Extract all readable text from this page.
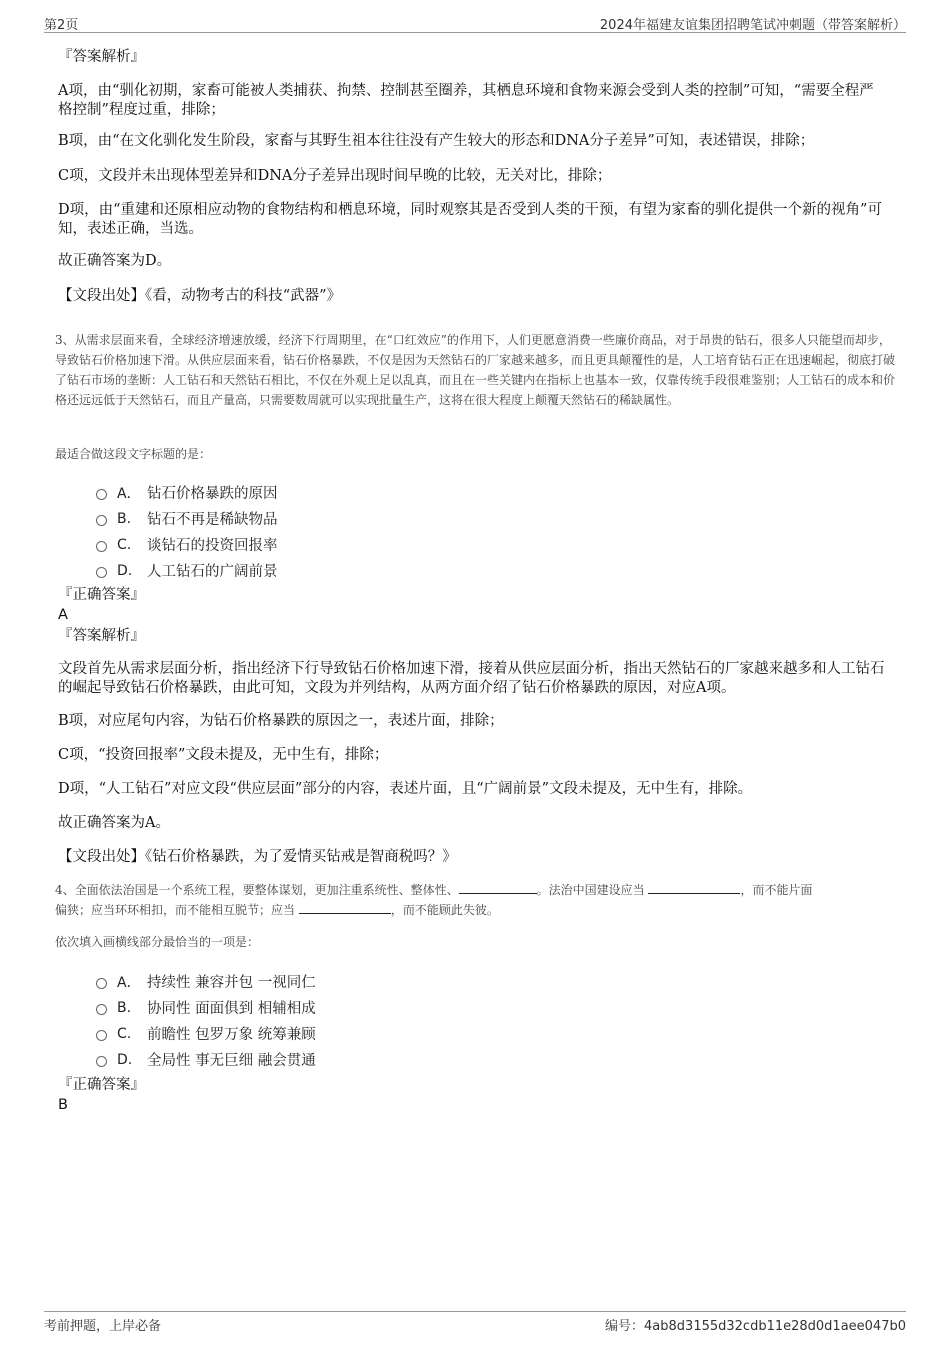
第2页	2024年福建友谊集团招聘笔试冲刺题（带答案解析）
『答案解析』
A项，由“驯化初期，家畜可能被人类捕获、拘禁、控制甚至圈养，其栖息环境和食物来源会受到人类的控制”可知，“需要全程严格控制”程度过重，排除；
B项，由“在文化驯化发生阶段，家畜与其野生祖本往往没有产生较大的形态和DNA分子差异”可知，表述错误，排除；
C项，文段并未出现体型差异和DNA分子差异出现时间早晚的比较，无关对比，排除；
D项，由“重建和还原相应动物的食物结构和栖息环境，同时观察其是否受到人类的干预，有望为家畜的驯化提供一个新的视角”可知，表述正确，当选。
故正确答案为D。
【文段出处】《看，动物考古的科技“武器”》
3、从需求层面来看，全球经济增速放缓，经济下行周期里，在“口红效应”的作用下，人们更愿意消费一些廉价商品，对于昂贵的钻石，很多人只能望而却步，导致钻石价格加速下滑。从供应层面来看，钻石价格暴跌，不仅是因为天然钻石的厂家越来越多，而且更具颠覆性的是，人工培育钻石正在迅速崛起，彻底打破了钻石市场的垄断：人工钻石和天然钻石相比，不仅在外观上足以乱真，而且在一些关键内在指标上也基本一致，仅靠传统手段很难鉴别；人工钻石的成本和价格还远远低于天然钻石，而且产量高，只需要数周就可以实现批量生产，这将在很大程度上颠覆天然钻石的稀缺属性。
最适合做这段文字标题的是：
A． 钻石价格暴跌的原因
B.	钻石不再是稀缺物品
C.	谈钻石的投资回报率
D.	人工钻石的广阔前景
『正确答案』
A
『答案解析』
文段首先从需求层面分析，指出经济下行导致钻石价格加速下滑，接着从供应层面分析，指出天然钻石的厂家越来越多和人工钻石的崛起导致钻石价格暴跌，由此可知，文段为并列结构，从两方面介绍了钻石价格暴跌的原因，对应A项。
B项，对应尾句内容，为钻石价格暴跌的原因之一，表述片面，排除；
C项，“投资回报率”文段未提及，无中生有，排除；
D项，“人工钻石”对应文段“供应层面”部分的内容，表述片面，且“广阔前景”文段未提及，无中生有，排除。
故正确答案为A。
【文段出处】《钻石价格暴跌，为了爱情买钻戒是智商税吗？》
4、全面依法治国是一个系统工程，要整体谋划，更加注重系统性、整体性、	。法治中国建设应当	，而不能片面
偏狭；应当环环相扣，而不能相互脱节；应当	，而不能顾此失彼。
依次填入画横线部分最恰当的一项是：
A． 持续性 兼容并包 一视同仁
B.	协同性 面面俱到 相辅相成
C.	前瞻性 包罗万象 统筹兼顾
D.	全局性 事无巨细 融会贯通
『正确答案』
B
考前押题，上岸必备	编号：4ab8d3155d32cdb11e28d0d1aee047b0
